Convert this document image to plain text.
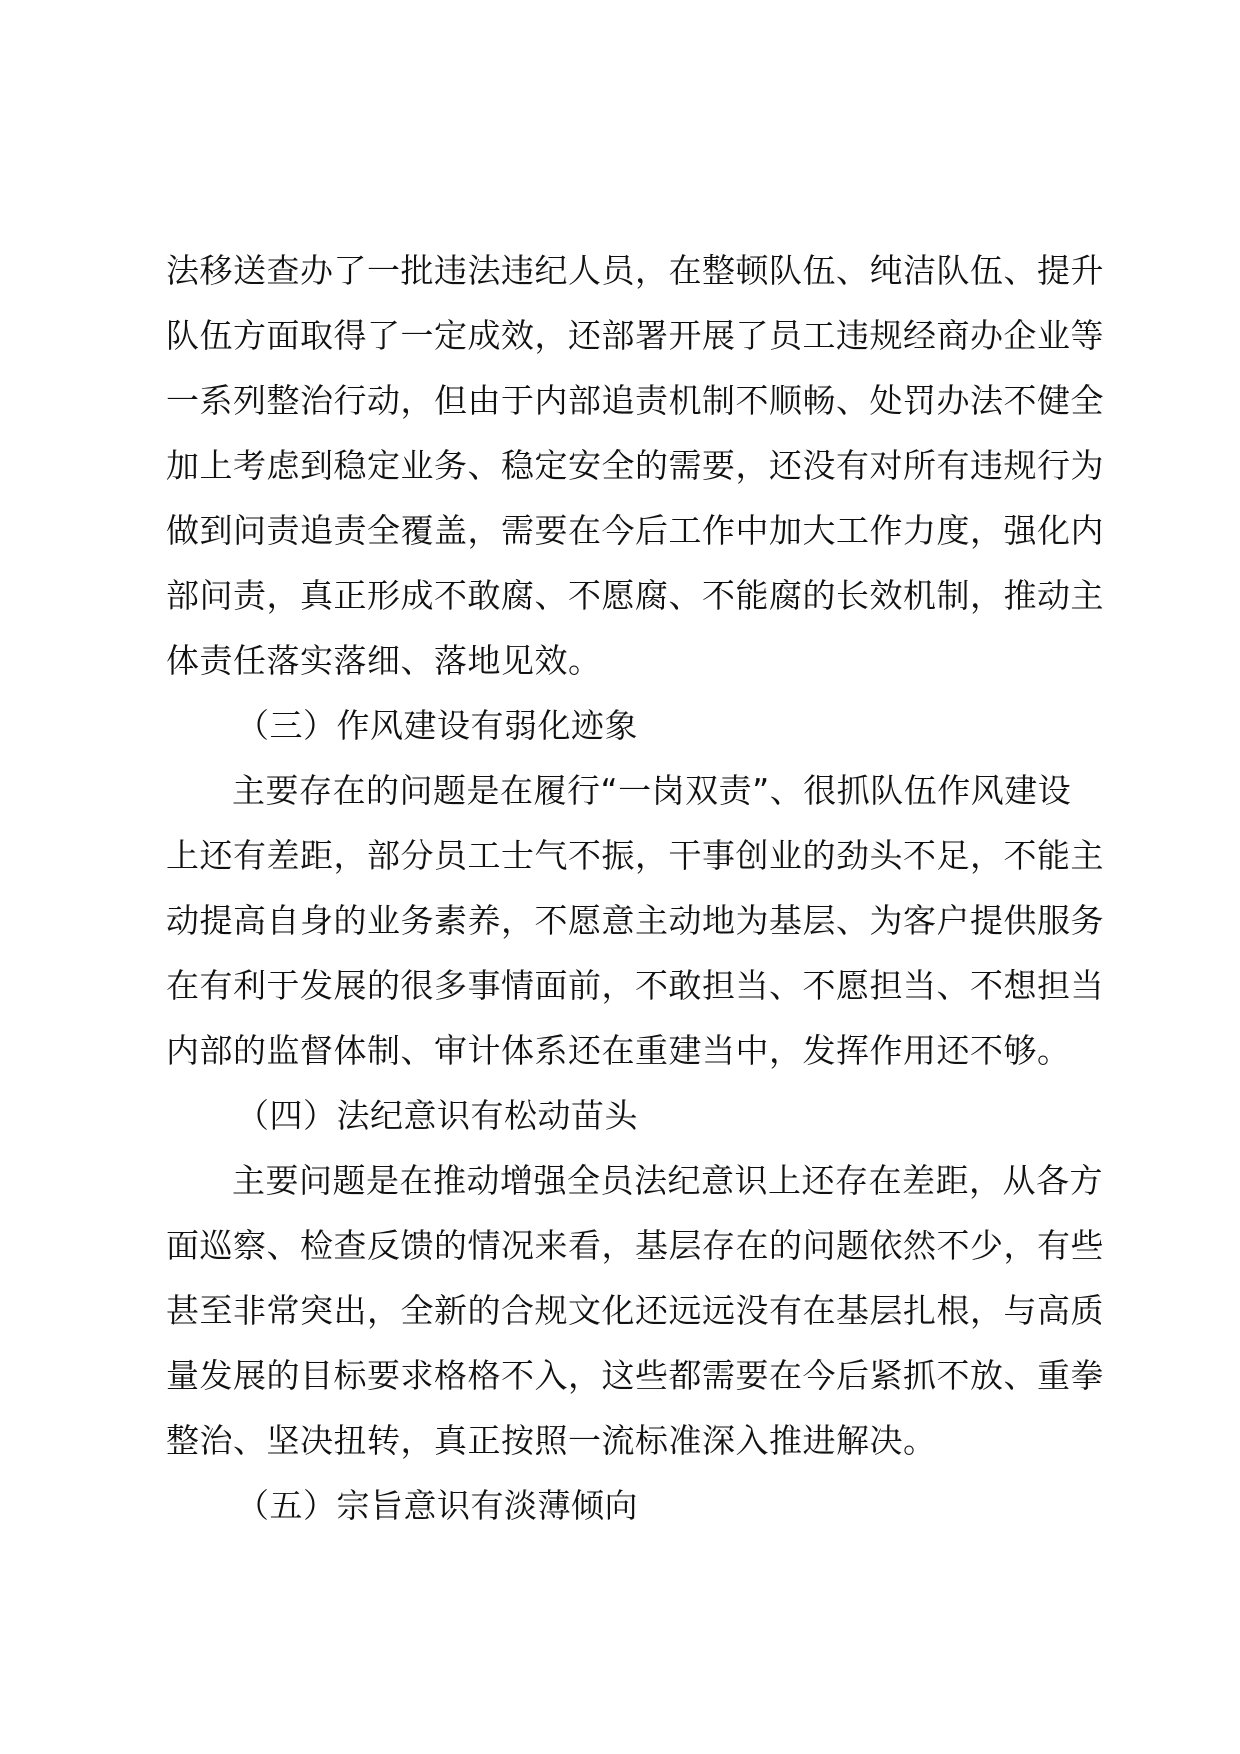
法移送查办了一批违法违纪人员，在整顿队伍、纯洁队伍、提升
队伍方面取得了一定成效，还部署开展了员工违规经商办企业等
一系列整治行动，但由于内部追责机制不顺畅、处罚办法不健全
加上考虑到稳定业务、稳定安全的需要，还没有对所有违规行为
做到问责追责全覆盖，需要在今后工作中加大工作力度，强化内
部问责，真正形成不敢腐、不愿腐、不能腐的长效机制，推动主
体责任落实落细、落地见效。
（三）作风建设有弱化迹象
主要存在的问题是在履行“一岗双责”、很抓队伍作风建设
上还有差距，部分员工士气不振，干事创业的劲头不足，不能主
动提高自身的业务素养，不愿意主动地为基层、为客户提供服务
在有利于发展的很多事情面前，不敢担当、不愿担当、不想担当
内部的监督体制、审计体系还在重建当中，发挥作用还不够。
（四）法纪意识有松动苗头
主要问题是在推动增强全员法纪意识上还存在差距，从各方
面巡察、检查反馈的情况来看，基层存在的问题依然不少，有些
甚至非常突出，全新的合规文化还远远没有在基层扎根，与高质
量发展的目标要求格格不入，这些都需要在今后紧抓不放、重拳
整治、坚决扭转，真正按照一流标准深入推进解决。
（五）宗旨意识有淡薄倾向
